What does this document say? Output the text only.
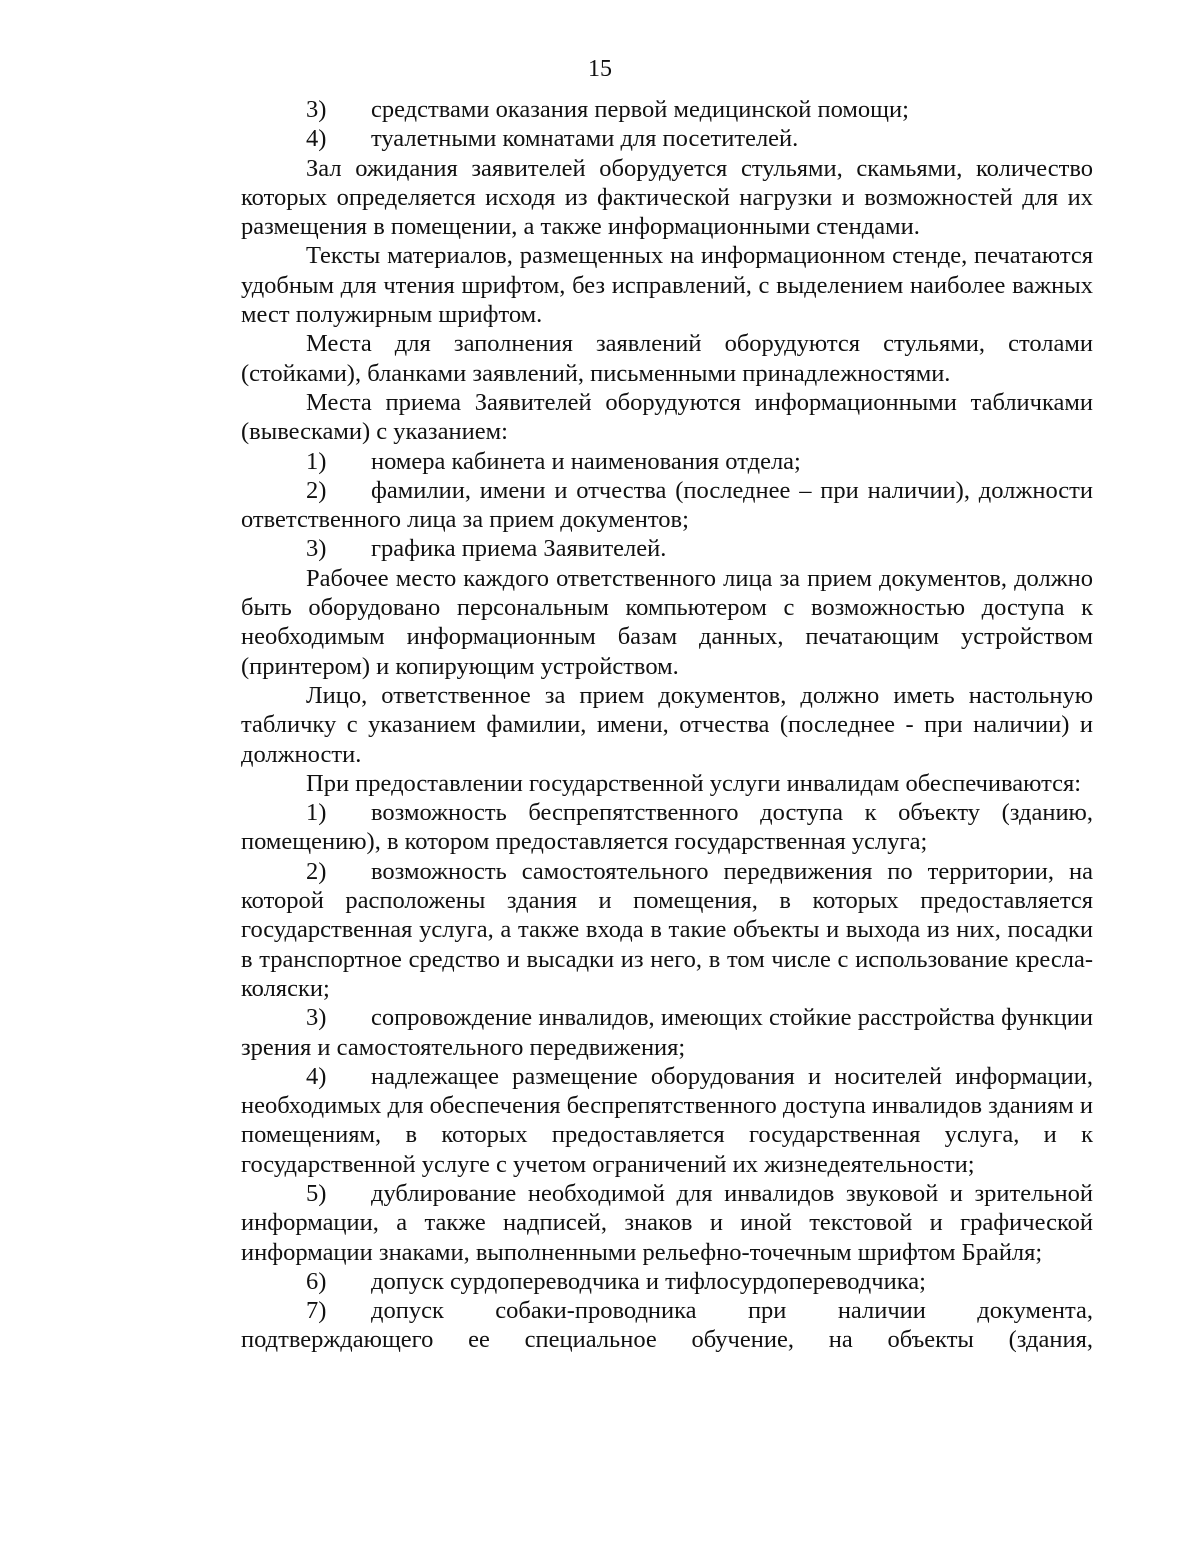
15

3) средствами оказания первой медицинской помощи;

4) туалетными комнатами для посетителей.

Зал ожидания заявителей оборудуется стульями, скамьями, количество которых определяется исходя из фактической нагрузки и возможностей для их размещения в помещении, а также информационными стендами.

Тексты материалов, размещенных на информационном стенде, печатаются удобным для чтения шрифтом, без исправлений, с выделением наиболее важных мест полужирным шрифтом.

Места для заполнения заявлений оборудуются стульями, столами (стойками), бланками заявлений, письменными принадлежностями.

Места приема Заявителей оборудуются информационными табличками (вывесками) с указанием:

1) номера кабинета и наименования отдела;

2) фамилии, имени и отчества (последнее – при наличии), должности ответственного лица за прием документов;

3) графика приема Заявителей.

Рабочее место каждого ответственного лица за прием документов, должно быть оборудовано персональным компьютером с возможностью доступа к необходимым информационным базам данных, печатающим устройством (принтером) и копирующим устройством.

Лицо, ответственное за прием документов, должно иметь настольную табличку с указанием фамилии, имени, отчества (последнее - при наличии) и должности.

При предоставлении государственной услуги инвалидам обеспечиваются:

1) возможность беспрепятственного доступа к объекту (зданию, помещению), в котором предоставляется государственная услуга;

2) возможность самостоятельного передвижения по территории, на которой расположены здания и помещения, в которых предоставляется государственная услуга, а также входа в такие объекты и выхода из них, посадки в транспортное средство и высадки из него, в том числе с использование кресла-коляски;

3) сопровождение инвалидов, имеющих стойкие расстройства функции зрения и самостоятельного передвижения;

4) надлежащее размещение оборудования и носителей информации, необходимых для обеспечения беспрепятственного доступа инвалидов зданиям и помещениям, в которых предоставляется государственная услуга, и к государственной услуге с учетом ограничений их жизнедеятельности;

5) дублирование необходимой для инвалидов звуковой и зрительной информации, а также надписей, знаков и иной текстовой и графической информации знаками, выполненными рельефно-точечным шрифтом Брайля;

6) допуск сурдопереводчика и тифлосурдопереводчика;

7) допуск собаки-проводника при наличии документа, подтверждающего ее специальное обучение, на объекты (здания,
